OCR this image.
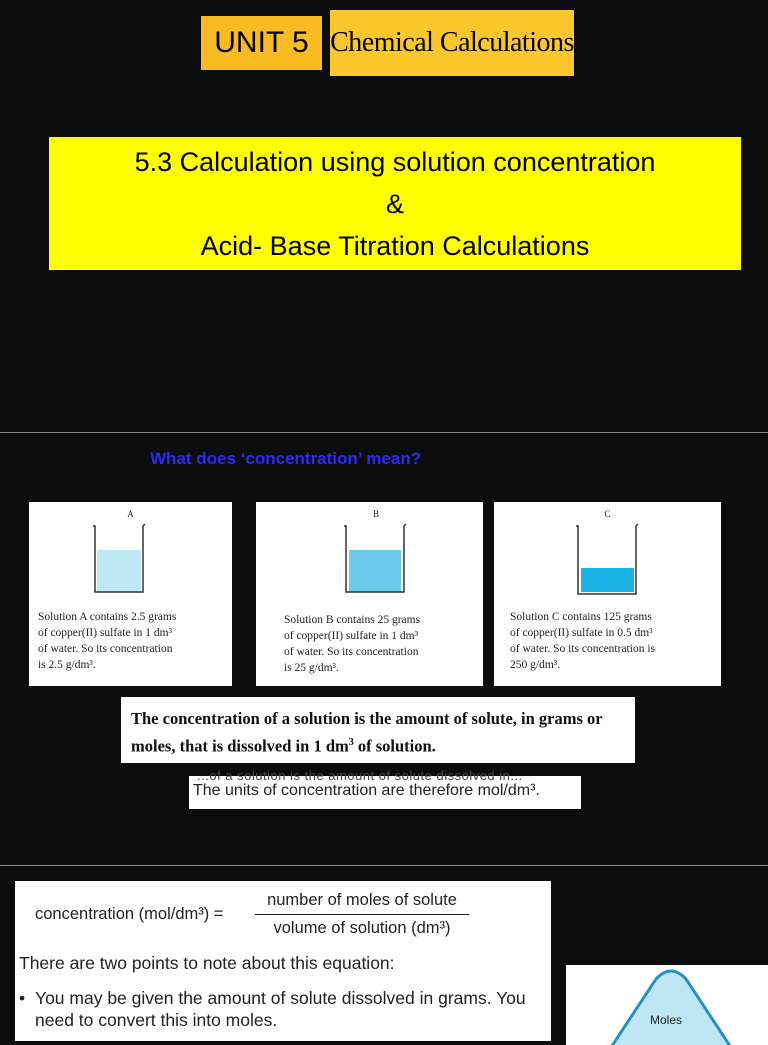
UNIT 5 Chemical Calculations
5.3 Calculation using solution concentration
&
Acid- Base Titration Calculations
What does ‘concentration’ mean?
A
Solution A contains 2.5 grams
of copper(II) sulfate in 1 dm³
of water. So its concentration
is 2.5 g/dm³.
B
Solution B contains 25 grams
of copper(II) sulfate in 1 dm³
of water. So its concentration
is 25 g/dm³.
C
Solution C contains 125 grams
of copper(II) sulfate in 0.5 dm³
of water. So its concentration is
250 g/dm³.
The concentration of a solution is the amount of solute, in grams or
moles, that is dissolved in 1 $dm^3$ of solution.
...of a solution is the amount of solute dissolved in...
The units of concentration are therefore mol/dm³.
concentration (mol/dm³) =
number of moles of solute
volume of solution (dm³)
There are two points to note about this equation:
• You may be given the amount of solute dissolved in grams. You
need to convert this into moles.	Moles
